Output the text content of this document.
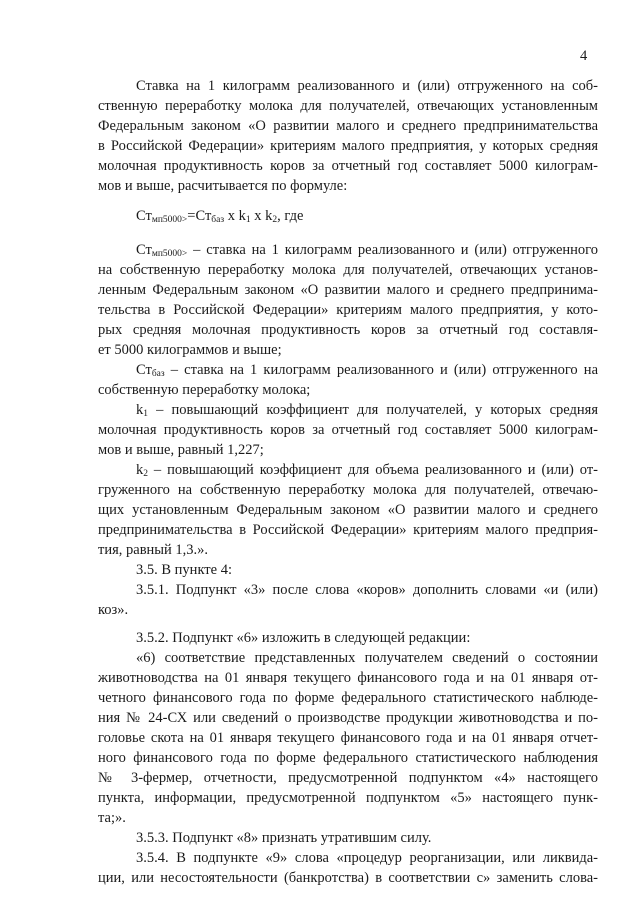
4
$Ст_{мп5000>}=Ст_{баз}$ x $k_1$ x $k_2$, где
$Ст_{мп5000>}$ – ставка на 1 килограмм реализованного и (или) отгруженного
$Ст_{баз}$ – ставка на 1 килограмм реализованного и (или) отгруженного на
$k_1$ – повышающий коэффициент для получателей, у которых средняя
$k_2$ – повышающий коэффициент для объема реализованного и (или) от-
Ставка на 1 килограмм реализованного и (или) отгруженного на соб-
ственную переработку молока для получателей, отвечающих установленным
Федеральным законом «О развитии малого и среднего предпринимательства
в Российской Федерации» критериям малого предприятия, у которых средняя
молочная продуктивность коров за отчетный год составляет 5000 килограм-
мов и выше, расчитывается по формуле:
на собственную переработку молока для получателей, отвечающих установ-
ленным Федеральным законом «О развитии малого и среднего предпринима-
тельства в Российской Федерации» критериям малого предприятия, у кото-
рых средняя молочная продуктивность коров за отчетный год составля-
ет 5000 килограммов и выше;
собственную переработку молока;
молочная продуктивность коров за отчетный год составляет 5000 килограм-
мов и выше, равный 1,227;
груженного на собственную переработку молока для получателей, отвечаю-
щих установленным Федеральным законом «О развитии малого и среднего
предпринимательства в Российской Федерации» критериям малого предприя-
тия, равный 1,3.».
3.5. В пункте 4:
3.5.1. Подпункт «3» после слова «коров» дополнить словами «и (или)
коз».
3.5.2. Подпункт «6» изложить в следующей редакции:
«6) соответствие представленных получателем сведений о состоянии
животноводства на 01 января текущего финансового года и на 01 января от-
четного финансового года по форме федерального статистического наблюде-
ния № 24-СХ или сведений о производстве продукции животноводства и по-
головье скота на 01 января текущего финансового года и на 01 января отчет-
ного финансового года по форме федерального статистического наблюдения
№ 3-фермер, отчетности, предусмотренной подпунктом «4» настоящего
пункта, информации, предусмотренной подпунктом «5» настоящего пунк-
та;».
3.5.3. Подпункт «8» признать утратившим силу.
3.5.4. В подпункте «9» слова «процедур реорганизации, или ликвида-
ции, или несостоятельности (банкротства) в соответствии с» заменить слова-
